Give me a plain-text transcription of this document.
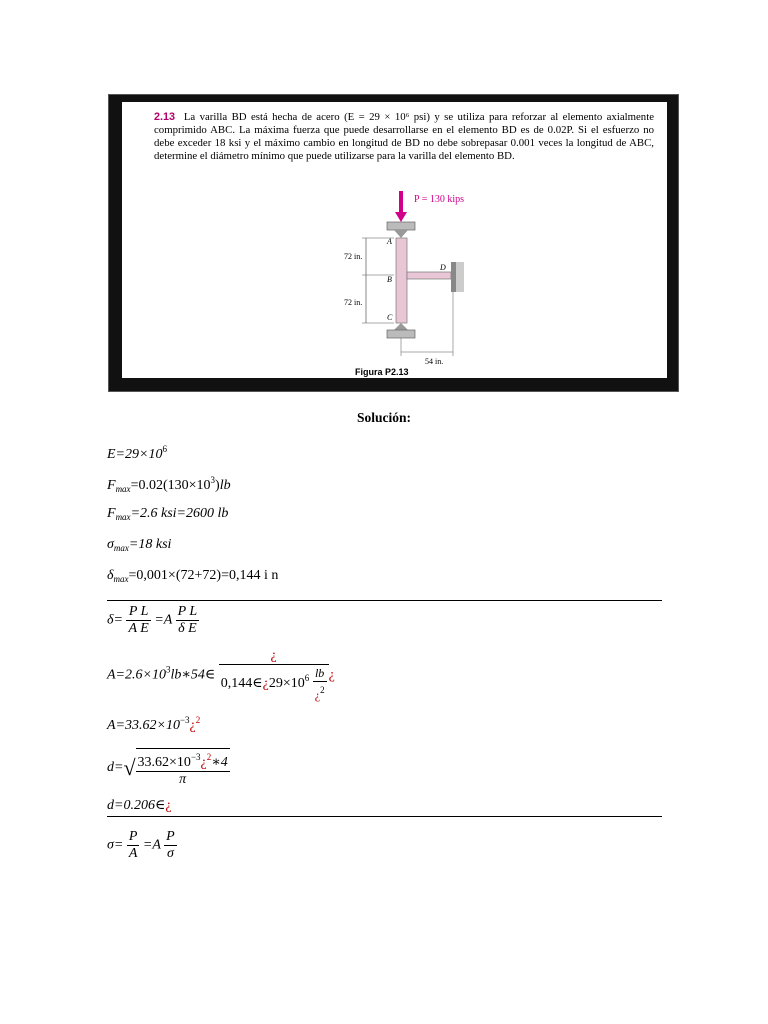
2.13 La varilla BD está hecha de acero (E = 29 × 10⁶ psi) y se utiliza para reforzar al elemento axialmente comprimido ABC. La máxima fuerza que puede desarrollarse en el elemento BD es de 0.02P. Si el esfuerzo no debe exceder 18 ksi y el máximo cambio en longitud de BD no debe sobrepasar 0.001 veces la longitud de ABC, determine el diámetro mínimo que puede utilizarse para la varilla del elemento BD.
P = 130 kips
A
B
C
D
72 in.
72 in.
54 in.
Figura P2.13
Solución:
$E=29\times 10^6$
$F_{max}=0.02(130\times 10^3)lb$
$F_{max}=2.6$ ksi=2600 lb
$\sigma_{max}=18$ ksi
$\delta_{max}=0,001\times(72+72)=0,144$ i n
$\delta= \frac{\text{P L}}{\text{A E}} =A \frac{\text{P L}}{\text{δ E}}$
$A=2.6\times 10^3lb∗54\in \frac{¿}{0,144\in¿29\times 10^6 \frac{lb}{¿^2}}$ ¿
$A=33.62\times 10^{-3}¿^2$
$d=√ \frac{33.62\times 10^{-3}¿^2∗4}{\pi}$
d=0.206∈¿
$\sigma= \frac{P}{A} =A \frac{P}{\sigma}$
